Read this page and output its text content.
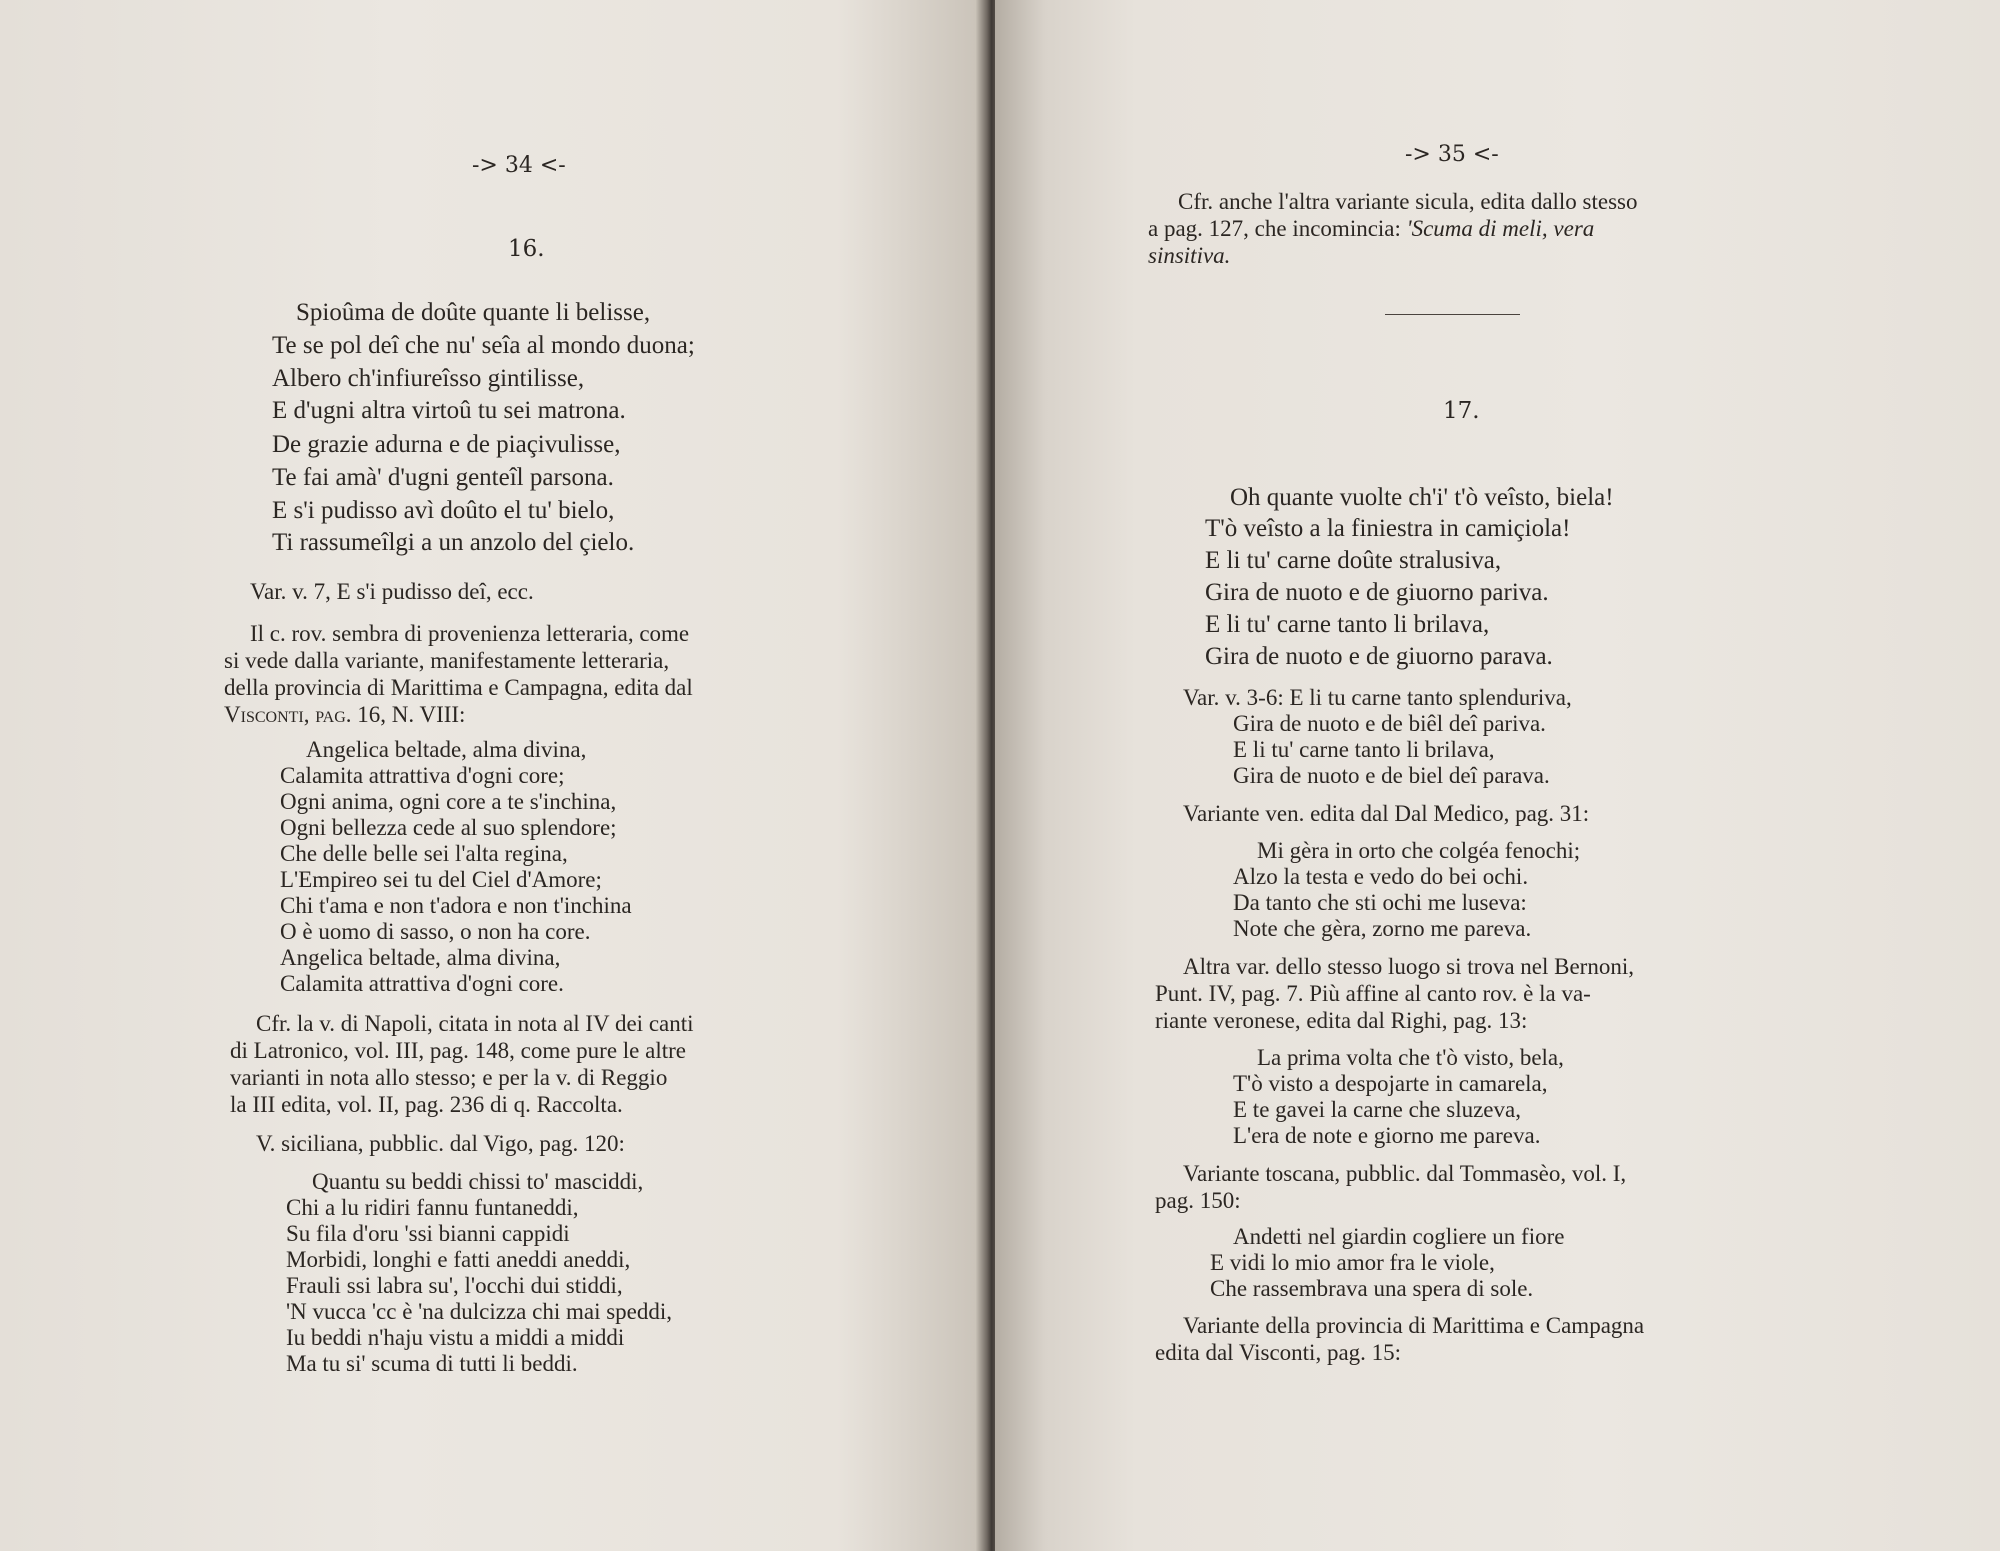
-> 34 <-
16.
Spioûma de doûte quante li belisse,
Te se pol deî che nu' seîa al mondo duona;
Albero ch'infiureîsso gintilisse,
E d'ugni altra virtoû tu sei matrona.
De grazie adurna e de piaçivulisse,
Te fai amà' d'ugni genteîl parsona.
E s'i pudisso avì doûto el tu' bielo,
Ti rassumeîlgi a un anzolo del çielo.
Var. v. 7, E s'i pudisso deî, ecc.
Il c. rov. sembra di provenienza letteraria, come
si vede dalla variante, manifestamente letteraria,
della provincia di Marittima e Campagna, edita dal
Visconti, pag. 16, N. VIII:
Angelica beltade, alma divina,
Calamita attrattiva d'ogni core;
Ogni anima, ogni core a te s'inchina,
Ogni bellezza cede al suo splendore;
Che delle belle sei l'alta regina,
L'Empireo sei tu del Ciel d'Amore;
Chi t'ama e non t'adora e non t'inchina
O è uomo di sasso, o non ha core.
Angelica beltade, alma divina,
Calamita attrattiva d'ogni core.
Cfr. la v. di Napoli, citata in nota al IV dei canti
di Latronico, vol. III, pag. 148, come pure le altre
varianti in nota allo stesso; e per la v. di Reggio
la III edita, vol. II, pag. 236 di q. Raccolta.
V. siciliana, pubblic. dal Vigo, pag. 120:
Quantu su beddi chissi to' masciddi,
Chi a lu ridiri fannu funtaneddi,
Su fila d'oru 'ssi bianni cappidi
Morbidi, longhi e fatti aneddi aneddi,
Frauli ssi labra su', l'occhi dui stiddi,
'N vucca 'cc è 'na dulcizza chi mai speddi,
Iu beddi n'haju vistu a middi a middi
Ma tu si' scuma di tutti li beddi.
-> 35 <-
Cfr. anche l'altra variante sicula, edita dallo stesso
a pag. 127, che incomincia: 'Scuma di meli, vera
sinsitiva.
17.
Oh quante vuolte ch'i' t'ò veîsto, biela!
T'ò veîsto a la finiestra in camiçiola!
E li tu' carne doûte stralusiva,
Gira de nuoto e de giuorno pariva.
E li tu' carne tanto li brilava,
Gira de nuoto e de giuorno parava.
Var. v. 3-6: E li tu carne tanto splenduriva,
Gira de nuoto e de biêl deî pariva.
E li tu' carne tanto li brilava,
Gira de nuoto e de biel deî parava.
Variante ven. edita dal Dal Medico, pag. 31:
Mi gèra in orto che colgéa fenochi;
Alzo la testa e vedo do bei ochi.
Da tanto che sti ochi me luseva:
Note che gèra, zorno me pareva.
Altra var. dello stesso luogo si trova nel Bernoni,
Punt. IV, pag. 7. Più affine al canto rov. è la va-
riante veronese, edita dal Righi, pag. 13:
La prima volta che t'ò visto, bela,
T'ò visto a despojarte in camarela,
E te gavei la carne che sluzeva,
L'era de note e giorno me pareva.
Variante toscana, pubblic. dal Tommasèo, vol. I,
pag. 150:
Andetti nel giardin cogliere un fiore
E vidi lo mio amor fra le viole,
Che rassembrava una spera di sole.
Variante della provincia di Marittima e Campagna
edita dal Visconti, pag. 15:
